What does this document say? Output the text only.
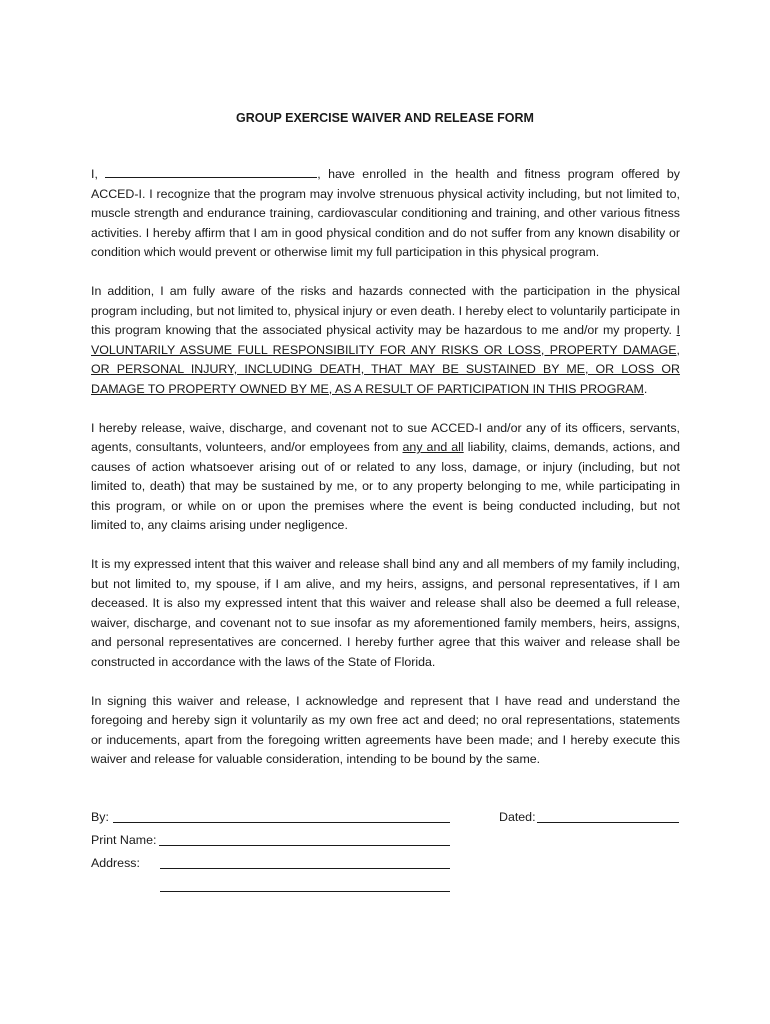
GROUP EXERCISE WAIVER AND RELEASE FORM

I,	, have enrolled in the health and fitness program offered by ACCED-I. I recognize that the program may involve strenuous physical activity including, but not limited to, muscle strength and endurance training, cardiovascular conditioning and training, and other various fitness activities. I hereby affirm that I am in good physical condition and do not suffer from any known disability or condition which would prevent or otherwise limit my full participation in this physical program.

In addition, I am fully aware of the risks and hazards connected with the participation in the physical program including, but not limited to, physical injury or even death. I hereby elect to voluntarily participate in this program knowing that the associated physical activity may be hazardous to me and/or my property. I VOLUNTARILY ASSUME FULL RESPONSIBILITY FOR ANY RISKS OR LOSS, PROPERTY DAMAGE, OR PERSONAL INJURY, INCLUDING DEATH, THAT MAY BE SUSTAINED BY ME, OR LOSS OR DAMAGE TO PROPERTY OWNED BY ME, AS A RESULT OF PARTICIPATION IN THIS PROGRAM.

I hereby release, waive, discharge, and covenant not to sue ACCED-I and/or any of its officers, servants, agents, consultants, volunteers, and/or employees from any and all liability, claims, demands, actions, and causes of action whatsoever arising out of or related to any loss, damage, or injury (including, but not limited to, death) that may be sustained by me, or to any property belonging to me, while participating in this program, or while on or upon the premises where the event is being conducted including, but not limited to, any claims arising under negligence.

It is my expressed intent that this waiver and release shall bind any and all members of my family including, but not limited to, my spouse, if I am alive, and my heirs, assigns, and personal representatives, if I am deceased. It is also my expressed intent that this waiver and release shall also be deemed a full release, waiver, discharge, and covenant not to sue insofar as my aforementioned family members, heirs, assigns, and personal representatives are concerned. I hereby further agree that this waiver and release shall be constructed in accordance with the laws of the State of Florida.

In signing this waiver and release, I acknowledge and represent that I have read and understand the foregoing and hereby sign it voluntarily as my own free act and deed; no oral representations, statements or inducements, apart from the foregoing written agreements have been made; and I hereby execute this waiver and release for valuable consideration, intending to be bound by the same.

By:	Dated:
Print Name:
Address:
